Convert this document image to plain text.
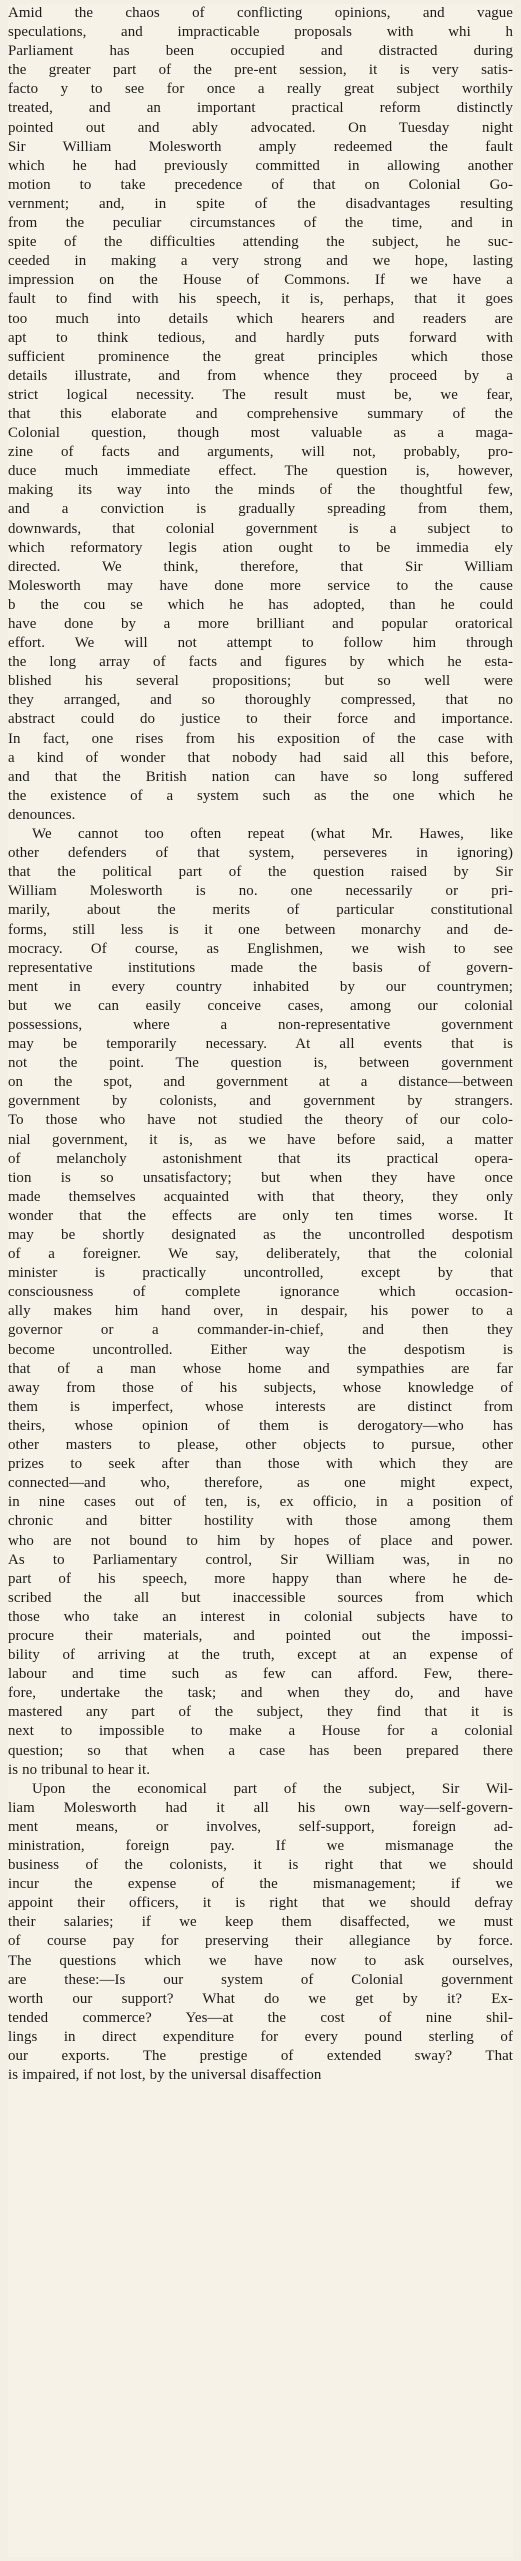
Amid the chaos of conflicting opinions, and vague
speculations, and impracticable proposals with whi h
Parliament has been occupied and distracted during
the greater part of the pre-ent session, it is very satis-
facto y to see for once a really great subject worthily
treated, and an important practical reform distinctly
pointed out and ably advocated. On Tuesday night
Sir William Molesworth amply redeemed the fault
which he had previously committed in allowing another
motion to take precedence of that on Colonial Go-
vernment; and, in spite of the disadvantages resulting
from the peculiar circumstances of the time, and in
spite of the difficulties attending the subject, he suc-
ceeded in making a very strong and we hope, lasting
impression on the House of Commons. If we have a
fault to find with his speech, it is, perhaps, that it goes
too much into details which hearers and readers are
apt to think tedious, and hardly puts forward with
sufficient prominence the great principles which those
details illustrate, and from whence they proceed by a
strict logical necessity. The result must be, we fear,
that this elaborate and comprehensive summary of the
Colonial question, though most valuable as a maga-
zine of facts and arguments, will not, probably, pro-
duce much immediate effect. The question is, however,
making its way into the minds of the thoughtful few,
and a conviction is gradually spreading from them,
downwards, that colonial government is a subject to
which reformatory legis ation ought to be immedia ely
directed. We think, therefore, that Sir William
Molesworth may have done more service to the cause
b the cou se which he has adopted, than he could
have done by a more brilliant and popular oratorical
effort. We will not attempt to follow him through
the long array of facts and figures by which he esta-
blished his several propositions; but so well were
they arranged, and so thoroughly compressed, that no
abstract could do justice to their force and importance.
In fact, one rises from his exposition of the case with
a kind of wonder that nobody had said all this before,
and that the British nation can have so long suffered
the existence of a system such as the one which he
denounces.
We cannot too often repeat (what Mr. Hawes, like
other defenders of that system, perseveres in ignoring)
that the political part of the question raised by Sir
William Molesworth is no. one necessarily or pri-
marily, about the merits of particular constitutional
forms, still less is it one between monarchy and de-
mocracy. Of course, as Englishmen, we wish to see
representative institutions made the basis of govern-
ment in every country inhabited by our countrymen;
but we can easily conceive cases, among our colonial
possessions, where a non-representative government
may be temporarily necessary. At all events that is
not the point. The question is, between government
on the spot, and government at a distance—between
government by colonists, and government by strangers.
To those who have not studied the theory of our colo-
nial government, it is, as we have before said, a matter
of melancholy astonishment that its practical opera-
tion is so unsatisfactory; but when they have once
made themselves acquainted with that theory, they only
wonder that the effects are only ten times worse. It
may be shortly designated as the uncontrolled despotism
of a foreigner. We say, deliberately, that the colonial
minister is practically uncontrolled, except by that
consciousness of complete ignorance which occasion-
ally makes him hand over, in despair, his power to a
governor or a commander-in-chief, and then they
become uncontrolled. Either way the despotism is
that of a man whose home and sympathies are far
away from those of his subjects, whose knowledge of
them is imperfect, whose interests are distinct from
theirs, whose opinion of them is derogatory—who has
other masters to please, other objects to pursue, other
prizes to seek after than those with which they are
connected—and who, therefore, as one might expect,
in nine cases out of ten, is, ex officio, in a position of
chronic and bitter hostility with those among them
who are not bound to him by hopes of place and power.
As to Parliamentary control, Sir William was, in no
part of his speech, more happy than where he de-
scribed the all but inaccessible sources from which
those who take an interest in colonial subjects have to
procure their materials, and pointed out the impossi-
bility of arriving at the truth, except at an expense of
labour and time such as few can afford. Few, there-
fore, undertake the task; and when they do, and have
mastered any part of the subject, they find that it is
next to impossible to make a House for a colonial
question; so that when a case has been prepared there
is no tribunal to hear it.
Upon the economical part of the subject, Sir Wil-
liam Molesworth had it all his own way—self-govern-
ment means, or involves, self-support, foreign ad-
ministration, foreign pay. If we mismanage the
business of the colonists, it is right that we should
incur the expense of the mismanagement; if we
appoint their officers, it is right that we should defray
their salaries; if we keep them disaffected, we must
of course pay for preserving their allegiance by force.
The questions which we have now to ask ourselves,
are these:—Is our system of Colonial government
worth our support? What do we get by it? Ex-
tended commerce? Yes—at the cost of nine shil-
lings in direct expenditure for every pound sterling of
our exports. The prestige of extended sway? That
is impaired, if not lost, by the universal disaffection
